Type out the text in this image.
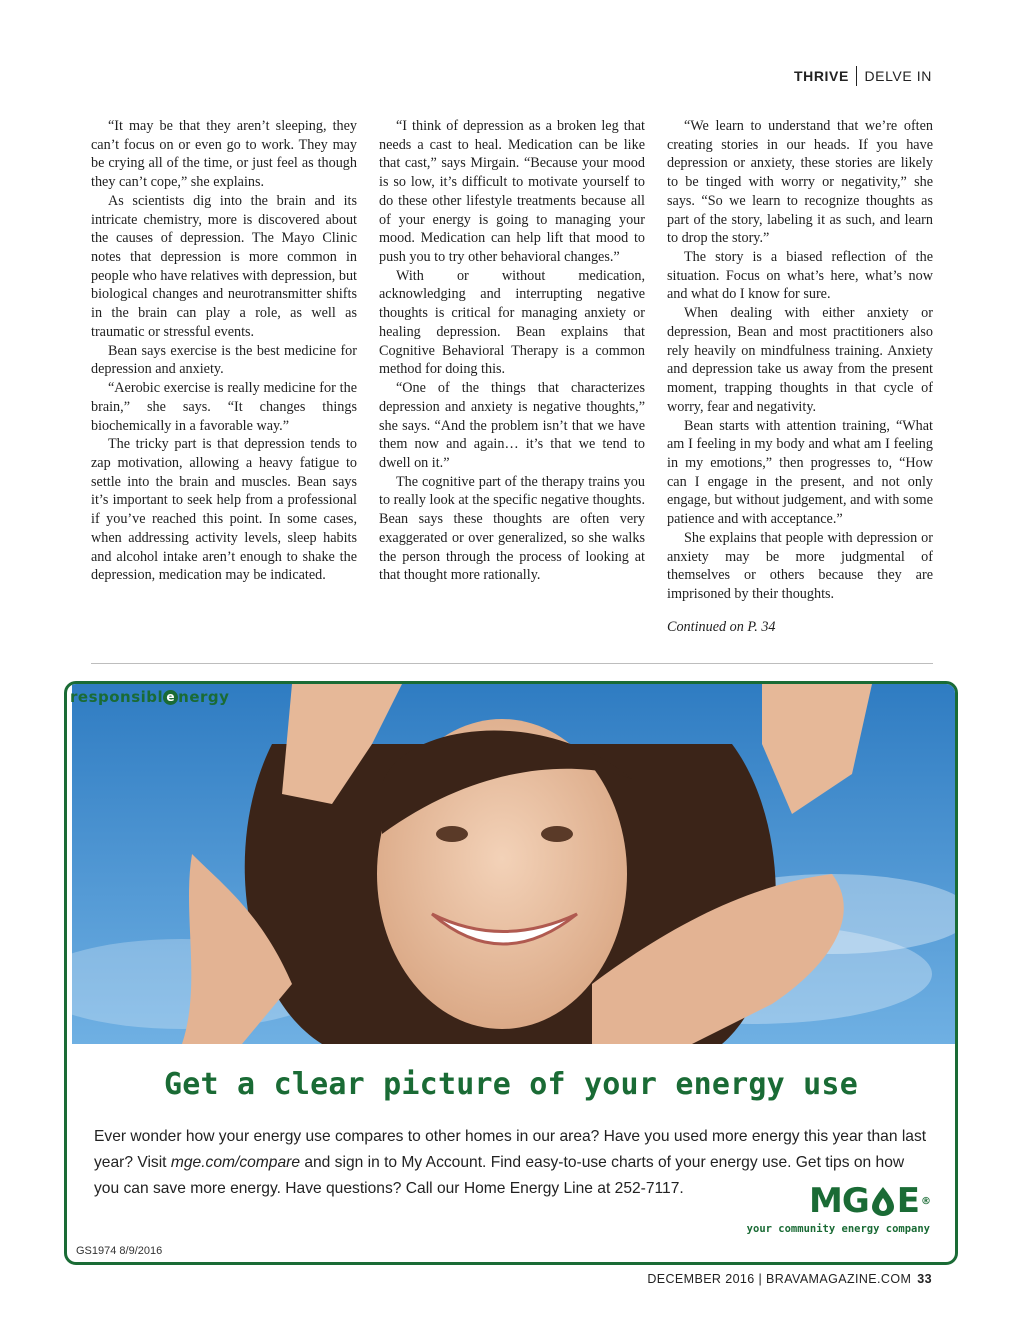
THRIVE DELVE IN

“It may be that they aren’t sleeping, they can’t focus on or even go to work. They may be crying all of the time, or just feel as though they can’t cope,” she explains.

As scientists dig into the brain and its intricate chemistry, more is discovered about the causes of depression. The Mayo Clinic notes that depression is more common in people who have relatives with depression, but biological changes and neurotransmitter shifts in the brain can play a role, as well as traumatic or stressful events.

Bean says exercise is the best medicine for depression and anxiety.

“Aerobic exercise is really medicine for the brain,” she says. “It changes things biochemically in a favorable way.”

The tricky part is that depression tends to zap motivation, allowing a heavy fatigue to settle into the brain and muscles. Bean says it’s important to seek help from a professional if you’ve reached this point. In some cases, when addressing activity levels, sleep habits and alcohol intake aren’t enough to shake the depression, medication may be indicated.

“I think of depression as a broken leg that needs a cast to heal. Medication can be like that cast,” says Mirgain. “Because your mood is so low, it’s difficult to motivate yourself to do these other lifestyle treatments because all of your energy is going to managing your mood. Medication can help lift that mood to push you to try other behavioral changes.”

With or without medication, acknowledging and interrupting negative thoughts is critical for managing anxiety or healing depression. Bean explains that Cognitive Behavioral Therapy is a common method for doing this.

“One of the things that characterizes depression and anxiety is negative thoughts,” she says. “And the problem isn’t that we have them now and again… it’s that we tend to dwell on it.”

The cognitive part of the therapy trains you to really look at the specific negative thoughts. Bean says these thoughts are often very exaggerated or over generalized, so she walks the person through the process of looking at that thought more rationally.

“We learn to understand that we’re often creating stories in our heads. If you have depression or anxiety, these stories are likely to be tinged with worry or negativity,” she says. “So we learn to recognize thoughts as part of the story, labeling it as such, and learn to drop the story.”

The story is a biased reflection of the situation. Focus on what’s here, what’s now and what do I know for sure.

When dealing with either anxiety or depression, Bean and most practitioners also rely heavily on mindfulness training. Anxiety and depression take us away from the present moment, trapping thoughts in that cycle of worry, fear and negativity.

Bean starts with attention training, “What am I feeling in my body and what am I feeling in my emotions,” then progresses to, “How can I engage in the present, and not only engage, but without judgement, and with some patience and with acceptance.”

She explains that people with depression or anxiety may be more judgmental of themselves or others because they are imprisoned by their thoughts.

Continued on P. 34

responsibl e nergy
Get a clear picture of your energy use
Ever wonder how your energy use compares to other homes in our area? Have you used more energy this year than last year? Visit mge.com/compare and sign in to My Account. Find easy-to-use charts of your energy use. Get tips on how you can save more energy. Have questions? Call our Home Energy Line at 252-7117.	MG E ®
your community energy company
GS1974 8/9/2016
DECEMBER 2016 | BRAVAMAGAZINE.COM 33
